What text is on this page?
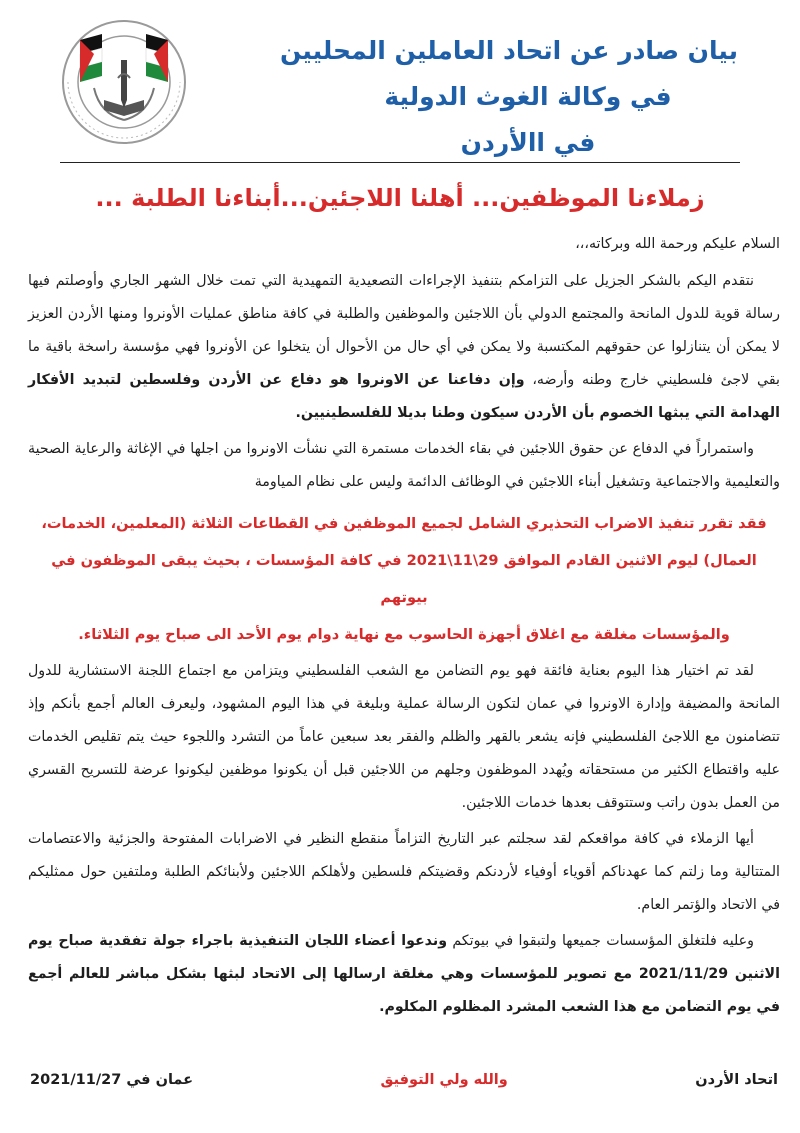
بيان صادر عن اتحاد العاملين المحليين
في وكالة الغوث الدولية
في االأردن
زملاءنا الموظفين... أهلنا اللاجئين...أبناءنا الطلبة ...

السلام عليكم ورحمة الله وبركاته،،،

نتقدم اليكم بالشكر الجزيل على التزامكم بتنفيذ الإجراءات التصعيدية التمهيدية التي تمت خلال الشهر الجاري وأوصلتم فيها رسالة قوية للدول المانحة والمجتمع الدولي بأن اللاجئين والموظفين والطلبة في كافة مناطق عمليات الأونروا ومنها الأردن العزيز لا يمكن أن يتنازلوا عن حقوقهم المكتسبة ولا يمكن في أي حال من الأحوال أن يتخلوا عن الأونروا فهي مؤسسة راسخة باقية ما بقي لاجئ فلسطيني خارج وطنه وأرضه، وإن دفاعنا عن الاونروا هو دفاع عن الأردن وفلسطين لتبديد الأفكار الهدامة التي يبثها الخصوم بأن الأردن سيكون وطنا بديلا للفلسطينيين.

واستمراراً في الدفاع عن حقوق اللاجئين في بقاء الخدمات مستمرة التي نشأت الاونروا من اجلها في الإغاثة والرعاية الصحية والتعليمية والاجتماعية وتشغيل أبناء اللاجئين في الوظائف الدائمة وليس على نظام المياومة

فقد تقرر تنفيذ الاضراب التحذيري الشامل لجميع الموظفين في القطاعات الثلاثة (المعلمين، الخدمات،
العمال) ليوم الاثنين القادم الموافق 29\11\2021 في كافة المؤسسات ، بحيث يبقى الموظفون في بيوتهم
والمؤسسات مغلقة مع اغلاق أجهزة الحاسوب مع نهاية دوام يوم الأحد الى صباح يوم الثلاثاء.

لقد تم اختيار هذا اليوم بعناية فائقة فهو يوم التضامن مع الشعب الفلسطيني ويتزامن مع اجتماع اللجنة الاستشارية للدول المانحة والمضيفة وإدارة الاونروا في عمان لتكون الرسالة عملية وبليغة في هذا اليوم المشهود، وليعرف العالم أجمع بأنكم وإذ تتضامنون مع اللاجئ الفلسطيني فإنه يشعر بالقهر والظلم والفقر بعد سبعين عاماً من التشرد واللجوء حيث يتم تقليص الخدمات عليه واقتطاع الكثير من مستحقاته ويُهدد الموظفون وجلهم من اللاجئين قبل أن يكونوا موظفين ليكونوا عرضة للتسريح القسري من العمل بدون راتب وستتوقف بعدها خدمات اللاجئين.

أيها الزملاء في كافة مواقعكم لقد سجلتم عبر التاريخ التزاماً منقطع النظير في الاضرابات المفتوحة والجزئية والاعتصامات المتتالية وما زلتم كما عهدناكم أقوياء أوفياء لأردنكم وقضيتكم فلسطين ولأهلكم اللاجئين ولأبنائكم الطلبة وملتفين حول ممثليكم في الاتحاد والؤتمر العام.

وعليه فلتغلق المؤسسات جميعها ولتبقوا في بيوتكم وندعوا أعضاء اللجان التنفيذية باجراء جولة تفقدية صباح يوم الاثنين 2021/11/29 مع تصوير للمؤسسات وهي مغلقة ارسالها إلى الاتحاد لبثها بشكل مباشر للعالم أجمع في يوم التضامن مع هذا الشعب المشرد المظلوم المكلوم.

اتحاد الأردن
والله ولي التوفيق
عمان في 2021/11/27
